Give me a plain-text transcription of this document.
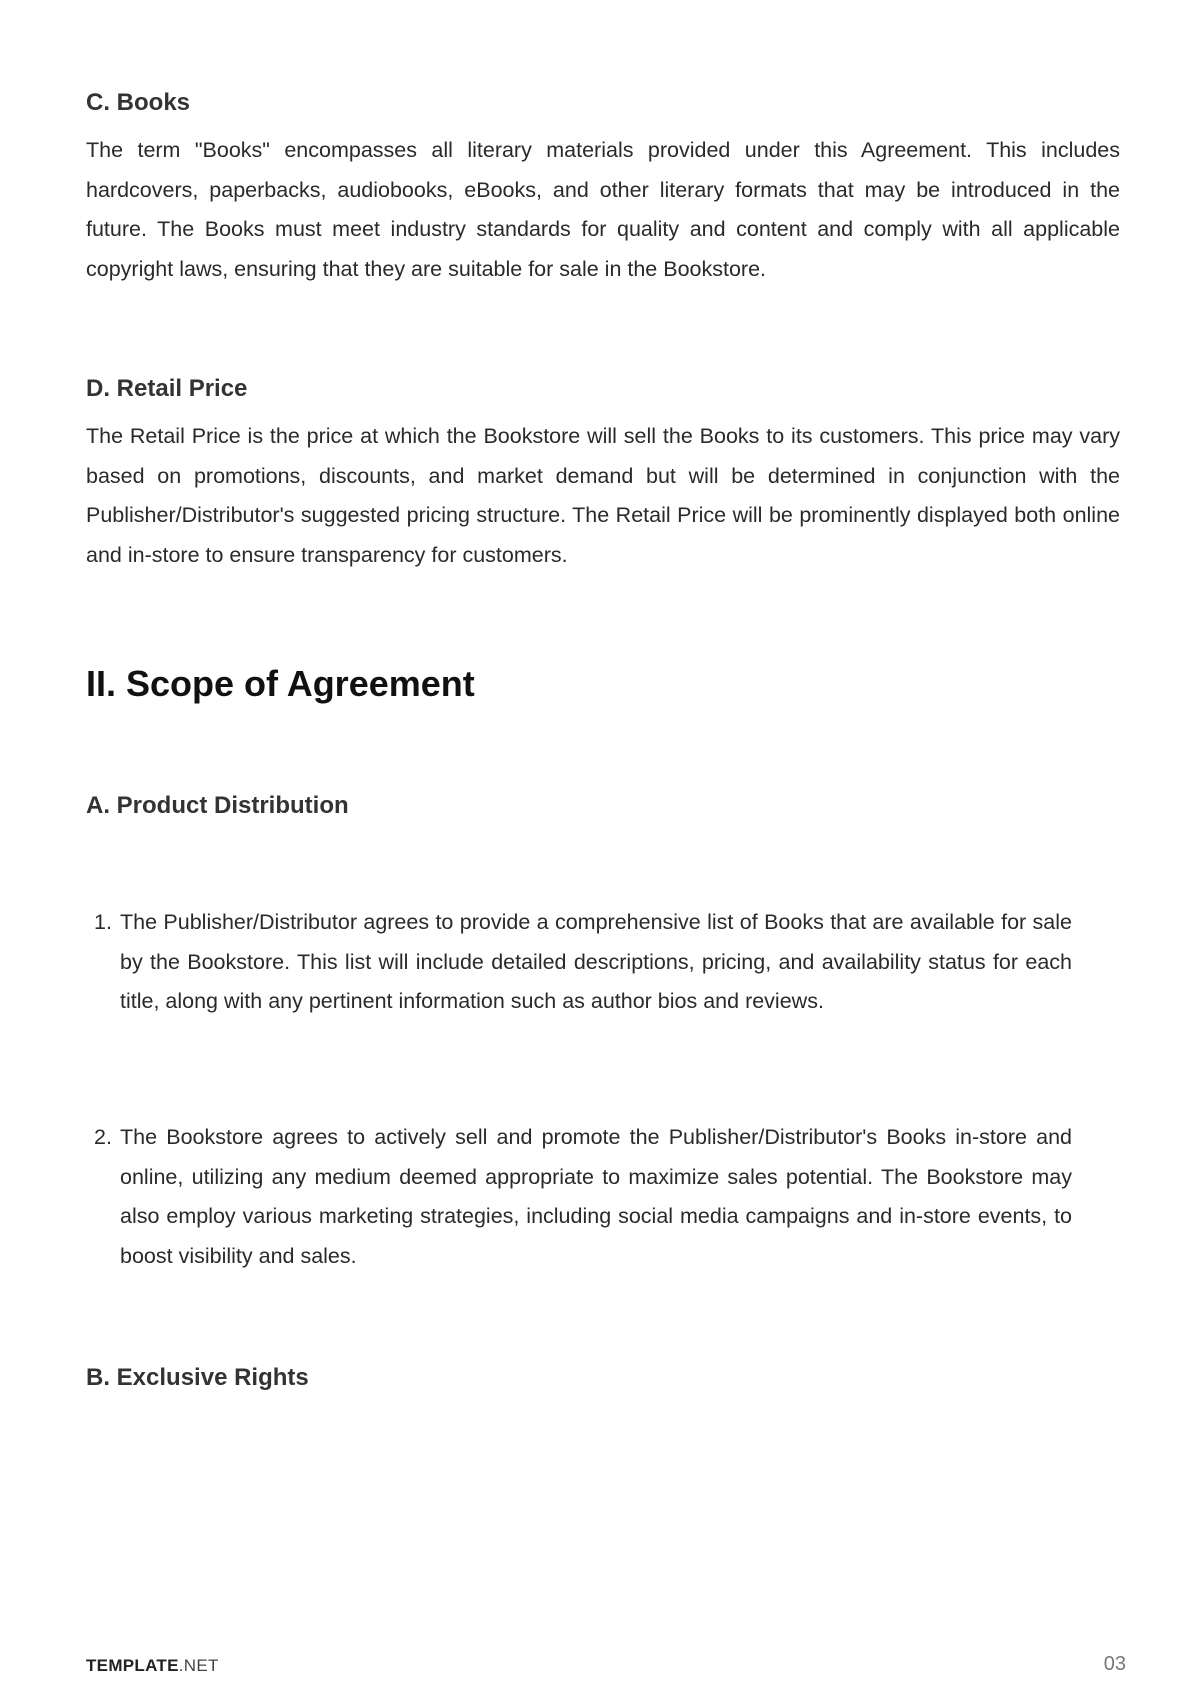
C. Books

The term "Books" encompasses all literary materials provided under this Agreement. This includes hardcovers, paperbacks, audiobooks, eBooks, and other literary formats that may be introduced in the future. The Books must meet industry standards for quality and content and comply with all applicable copyright laws, ensuring that they are suitable for sale in the Bookstore.

D. Retail Price

The Retail Price is the price at which the Bookstore will sell the Books to its customers. This price may vary based on promotions, discounts, and market demand but will be determined in conjunction with the Publisher/Distributor's suggested pricing structure. The Retail Price will be prominently displayed both online and in-store to ensure transparency for customers.

II. Scope of Agreement
A. Product Distribution
1. The Publisher/Distributor agrees to provide a comprehensive list of Books that are available for sale by the Bookstore. This list will include detailed descriptions, pricing, and availability status for each title, along with any pertinent information such as author bios and reviews.
2. The Bookstore agrees to actively sell and promote the Publisher/Distributor's Books in-store and online, utilizing any medium deemed appropriate to maximize sales potential. The Bookstore may also employ various marketing strategies, including social media campaigns and in-store events, to boost visibility and sales.
B. Exclusive Rights
TEMPLATE.NET	03
